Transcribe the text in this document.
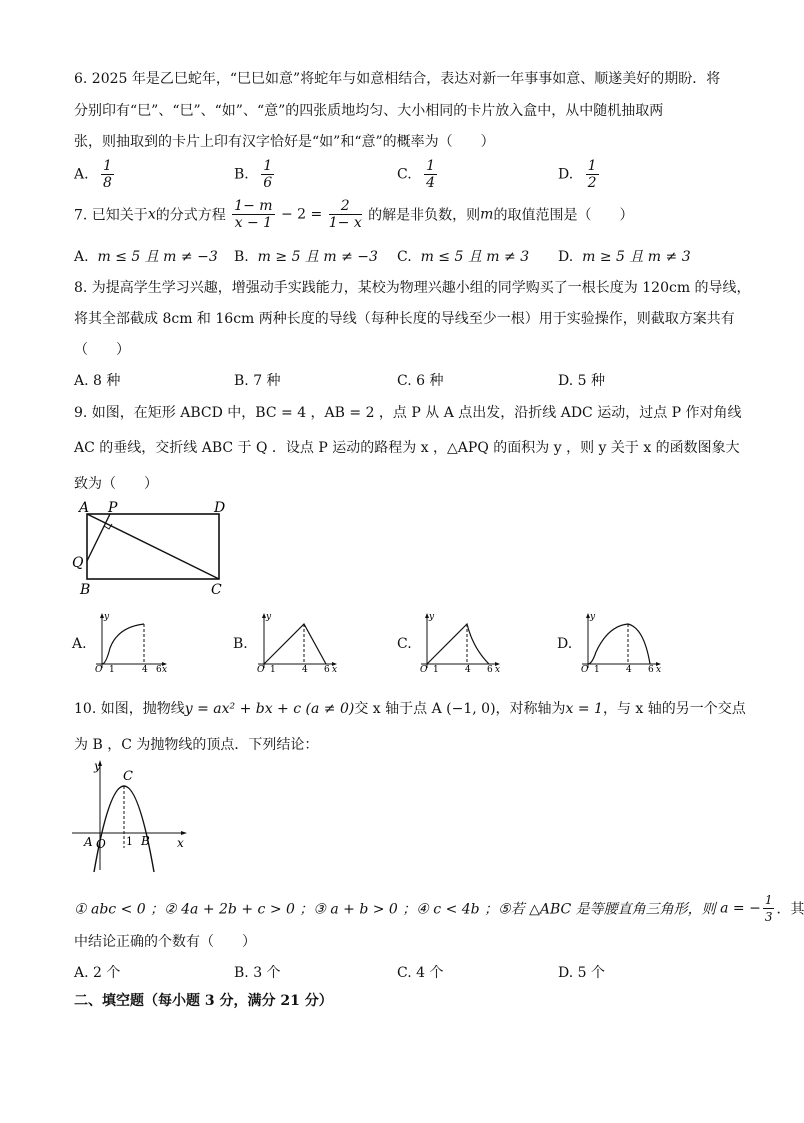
6. 2025 年是乙巳蛇年，“巳巳如意”将蛇年与如意相结合，表达对新一年事事如意、顺遂美好的期盼．将
分别印有“巳”、“巳”、“如”、“意”的四张质地均匀、大小相同的卡片放入盒中，从中随机抽取两
张，则抽取到的卡片上印有汉字恰好是“如”和“意”的概率为（　　）
A. $\frac{1}{8}$	B. $\frac{1}{6}$	C. $\frac{1}{4}$	D. $\frac{1}{2}$
7. 已知关于x的分式方程 $\frac{1- m}{x - 1} - 2 = \frac{2}{1- x}$ 的解是非负数，则m的取值范围是（　　）
A. m ≤ 5 且 m ≠ −3 B. m ≥ 5 且 m ≠ −3 C. m ≤ 5 且 m ≠ 3 D. m ≥ 5 且 m ≠ 3
8. 为提高学生学习兴趣，增强动手实践能力，某校为物理兴趣小组的同学购买了一根长度为 120cm 的导线，
将其全部截成 8cm 和 16cm 两种长度的导线（每种长度的导线至少一根）用于实验操作，则截取方案共有
（　　）
A. 8 种	B. 7 种	C. 6 种	D. 5 种
9. 如图，在矩形 ABCD 中，BC = 4 ，AB = 2 ，点 P 从 A 点出发，沿折线 ADC 运动，过点 P 作对角线
AC 的垂线，交折线 ABC 于 Q ．设点 P 运动的路程为 x ，△APQ 的面积为 y ，则 y 关于 x 的函数图象大
致为（　　）
A P	D
Q
B	C
A.
y
x
O 1	4 6
B.
y
x
O 1	4 6
C.
y
x
O 1	4 6
D.
y
x
O 1	4 6
10. 如图，抛物线y = ax² + bx + c (a ≠ 0)交 x 轴于点 A (−1, 0)，对称轴为x = 1，与 x 轴的另一个交点
为 B ，C 为抛物线的顶点．下列结论：
y
C
A O 1 B x
① abc < 0 ；② 4a + 2b + c > 0 ；③ a + b > 0 ；④ c < 4b ；⑤若 △ABC 是等腰直角三角形，则 a = − $\frac{1}{3}$ ．其
中结论正确的个数有（　　）
A. 2 个	B. 3 个	C. 4 个	D. 5 个
二、填空题（每小题 3 分，满分 21 分）
